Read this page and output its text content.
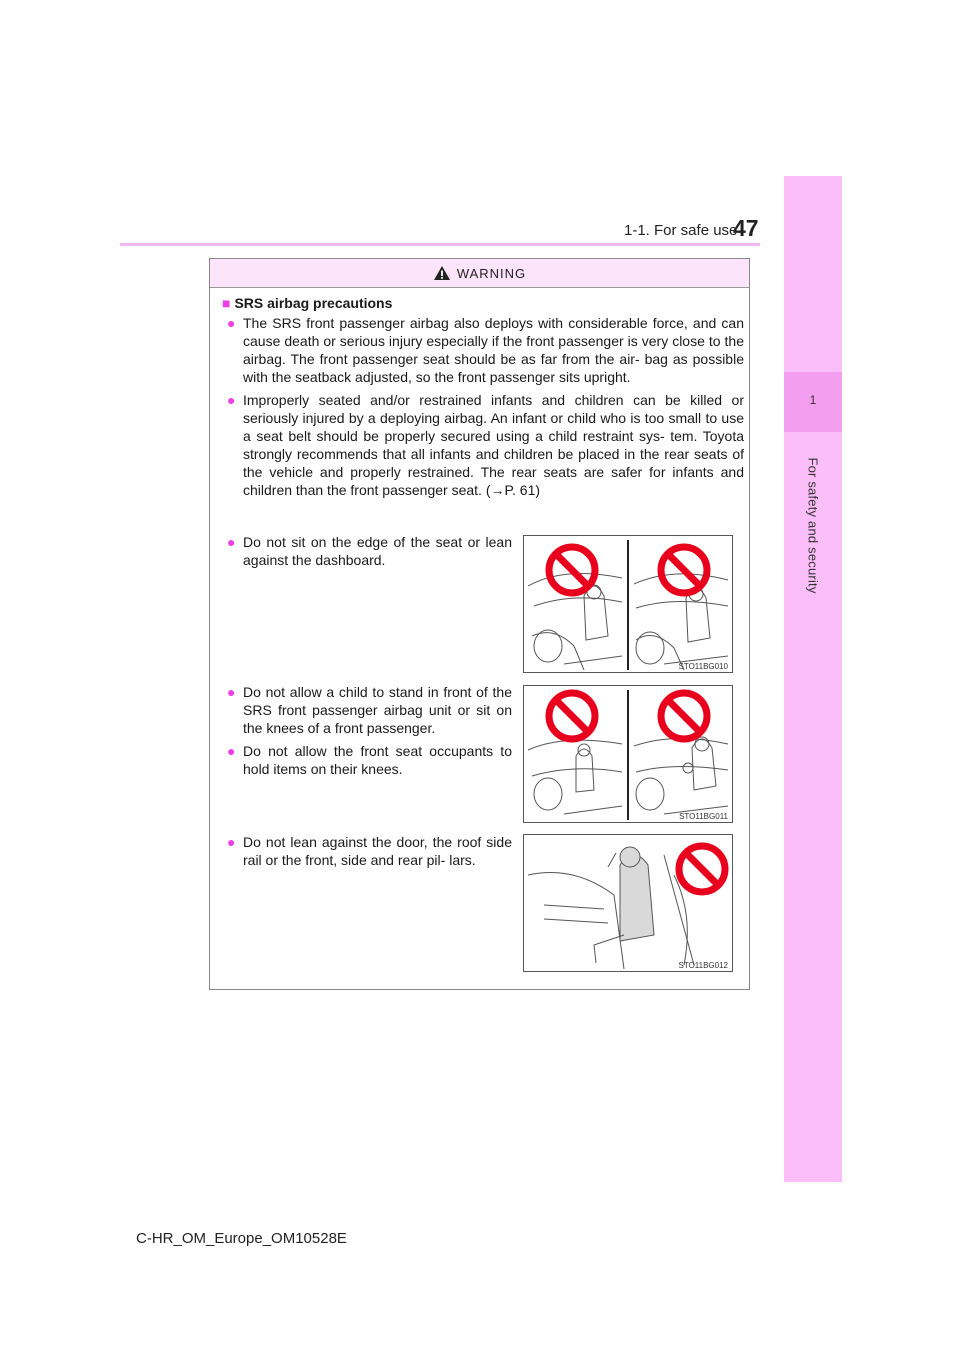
1-1. For safe use
47
1
For safety and security
WARNING
■ SRS airbag precautions
● The SRS front passenger airbag also deploys with considerable force, and can cause death or serious injury especially if the front passenger is very close to the airbag. The front passenger seat should be as far from the air- bag as possible with the seatback adjusted, so the front passenger sits upright.
● Improperly seated and/or restrained infants and children can be killed or seriously injured by a deploying airbag. An infant or child who is too small to use a seat belt should be properly secured using a child restraint sys- tem. Toyota strongly recommends that all infants and children be placed in the rear seats of the vehicle and properly restrained. The rear seats are safer for infants and children than the front passenger seat. (→P. 61)
● Do not sit on the edge of the seat or lean against the dashboard.
STO11BG010
● Do not allow a child to stand in front of the SRS front passenger airbag unit or sit on the knees of a front passenger.
● Do not allow the front seat occupants to hold items on their knees.
STO11BG011
● Do not lean against the door, the roof side rail or the front, side and rear pil- lars.
STO11BG012
C-HR_OM_Europe_OM10528E
